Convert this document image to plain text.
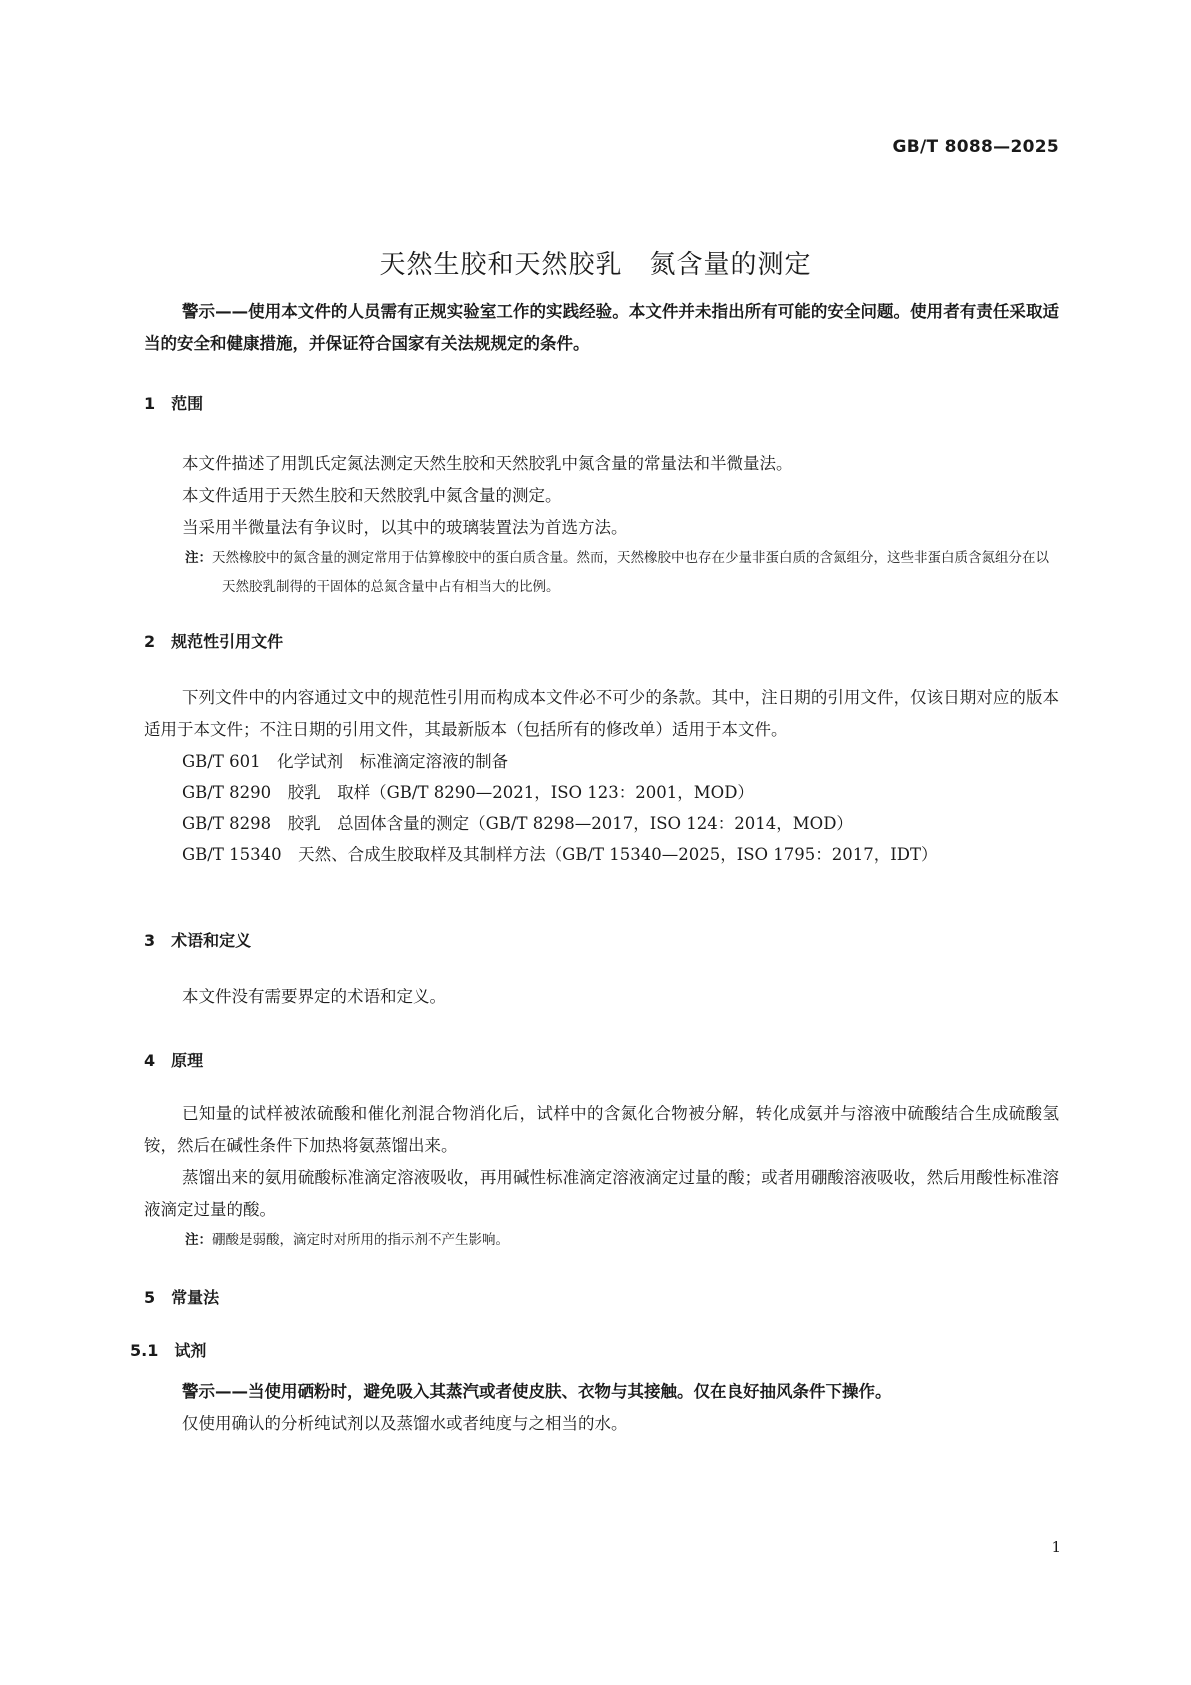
GB/T 8088—2025
天然生胶和天然胶乳　氮含量的测定
警示——使用本文件的人员需有正规实验室工作的实践经验。本文件并未指出所有可能的安全问题。使用者有责任采取适当的安全和健康措施，并保证符合国家有关法规规定的条件。
1　范围
本文件描述了用凯氏定氮法测定天然生胶和天然胶乳中氮含量的常量法和半微量法。
本文件适用于天然生胶和天然胶乳中氮含量的测定。
当采用半微量法有争议时，以其中的玻璃装置法为首选方法。
注：天然橡胶中的氮含量的测定常用于估算橡胶中的蛋白质含量。然而，天然橡胶中也存在少量非蛋白质的含氮组分，这些非蛋白质含氮组分在以天然胶乳制得的干固体的总氮含量中占有相当大的比例。
2　规范性引用文件
下列文件中的内容通过文中的规范性引用而构成本文件必不可少的条款。其中，注日期的引用文件，仅该日期对应的版本适用于本文件；不注日期的引用文件，其最新版本（包括所有的修改单）适用于本文件。
GB/T 601　化学试剂　标准滴定溶液的制备
GB/T 8290　胶乳　取样（GB/T 8290—2021，ISO 123：2001，MOD）
GB/T 8298　胶乳　总固体含量的测定（GB/T 8298—2017，ISO 124：2014，MOD）
GB/T 15340　天然、合成生胶取样及其制样方法（GB/T 15340—2025，ISO 1795：2017，IDT）
3　术语和定义
本文件没有需要界定的术语和定义。
4　原理
已知量的试样被浓硫酸和催化剂混合物消化后，试样中的含氮化合物被分解，转化成氨并与溶液中硫酸结合生成硫酸氢铵，然后在碱性条件下加热将氨蒸馏出来。
蒸馏出来的氨用硫酸标准滴定溶液吸收，再用碱性标准滴定溶液滴定过量的酸；或者用硼酸溶液吸收，然后用酸性标准溶液滴定过量的酸。
注：硼酸是弱酸，滴定时对所用的指示剂不产生影响。
5　常量法
5.1　试剂
警示——当使用硒粉时，避免吸入其蒸汽或者使皮肤、衣物与其接触。仅在良好抽风条件下操作。
仅使用确认的分析纯试剂以及蒸馏水或者纯度与之相当的水。
1
